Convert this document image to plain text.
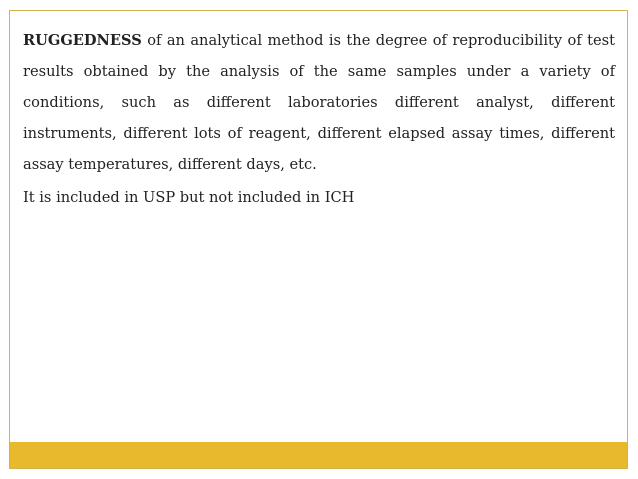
RUGGEDNESS of an analytical method is the degree of reproducibility of test results obtained by the analysis of the same samples under a variety of conditions, such as different laboratories different analyst, different instruments, different lots of reagent, different elapsed assay times, different assay temperatures, different days, etc.

It is included in USP but not included in ICH
